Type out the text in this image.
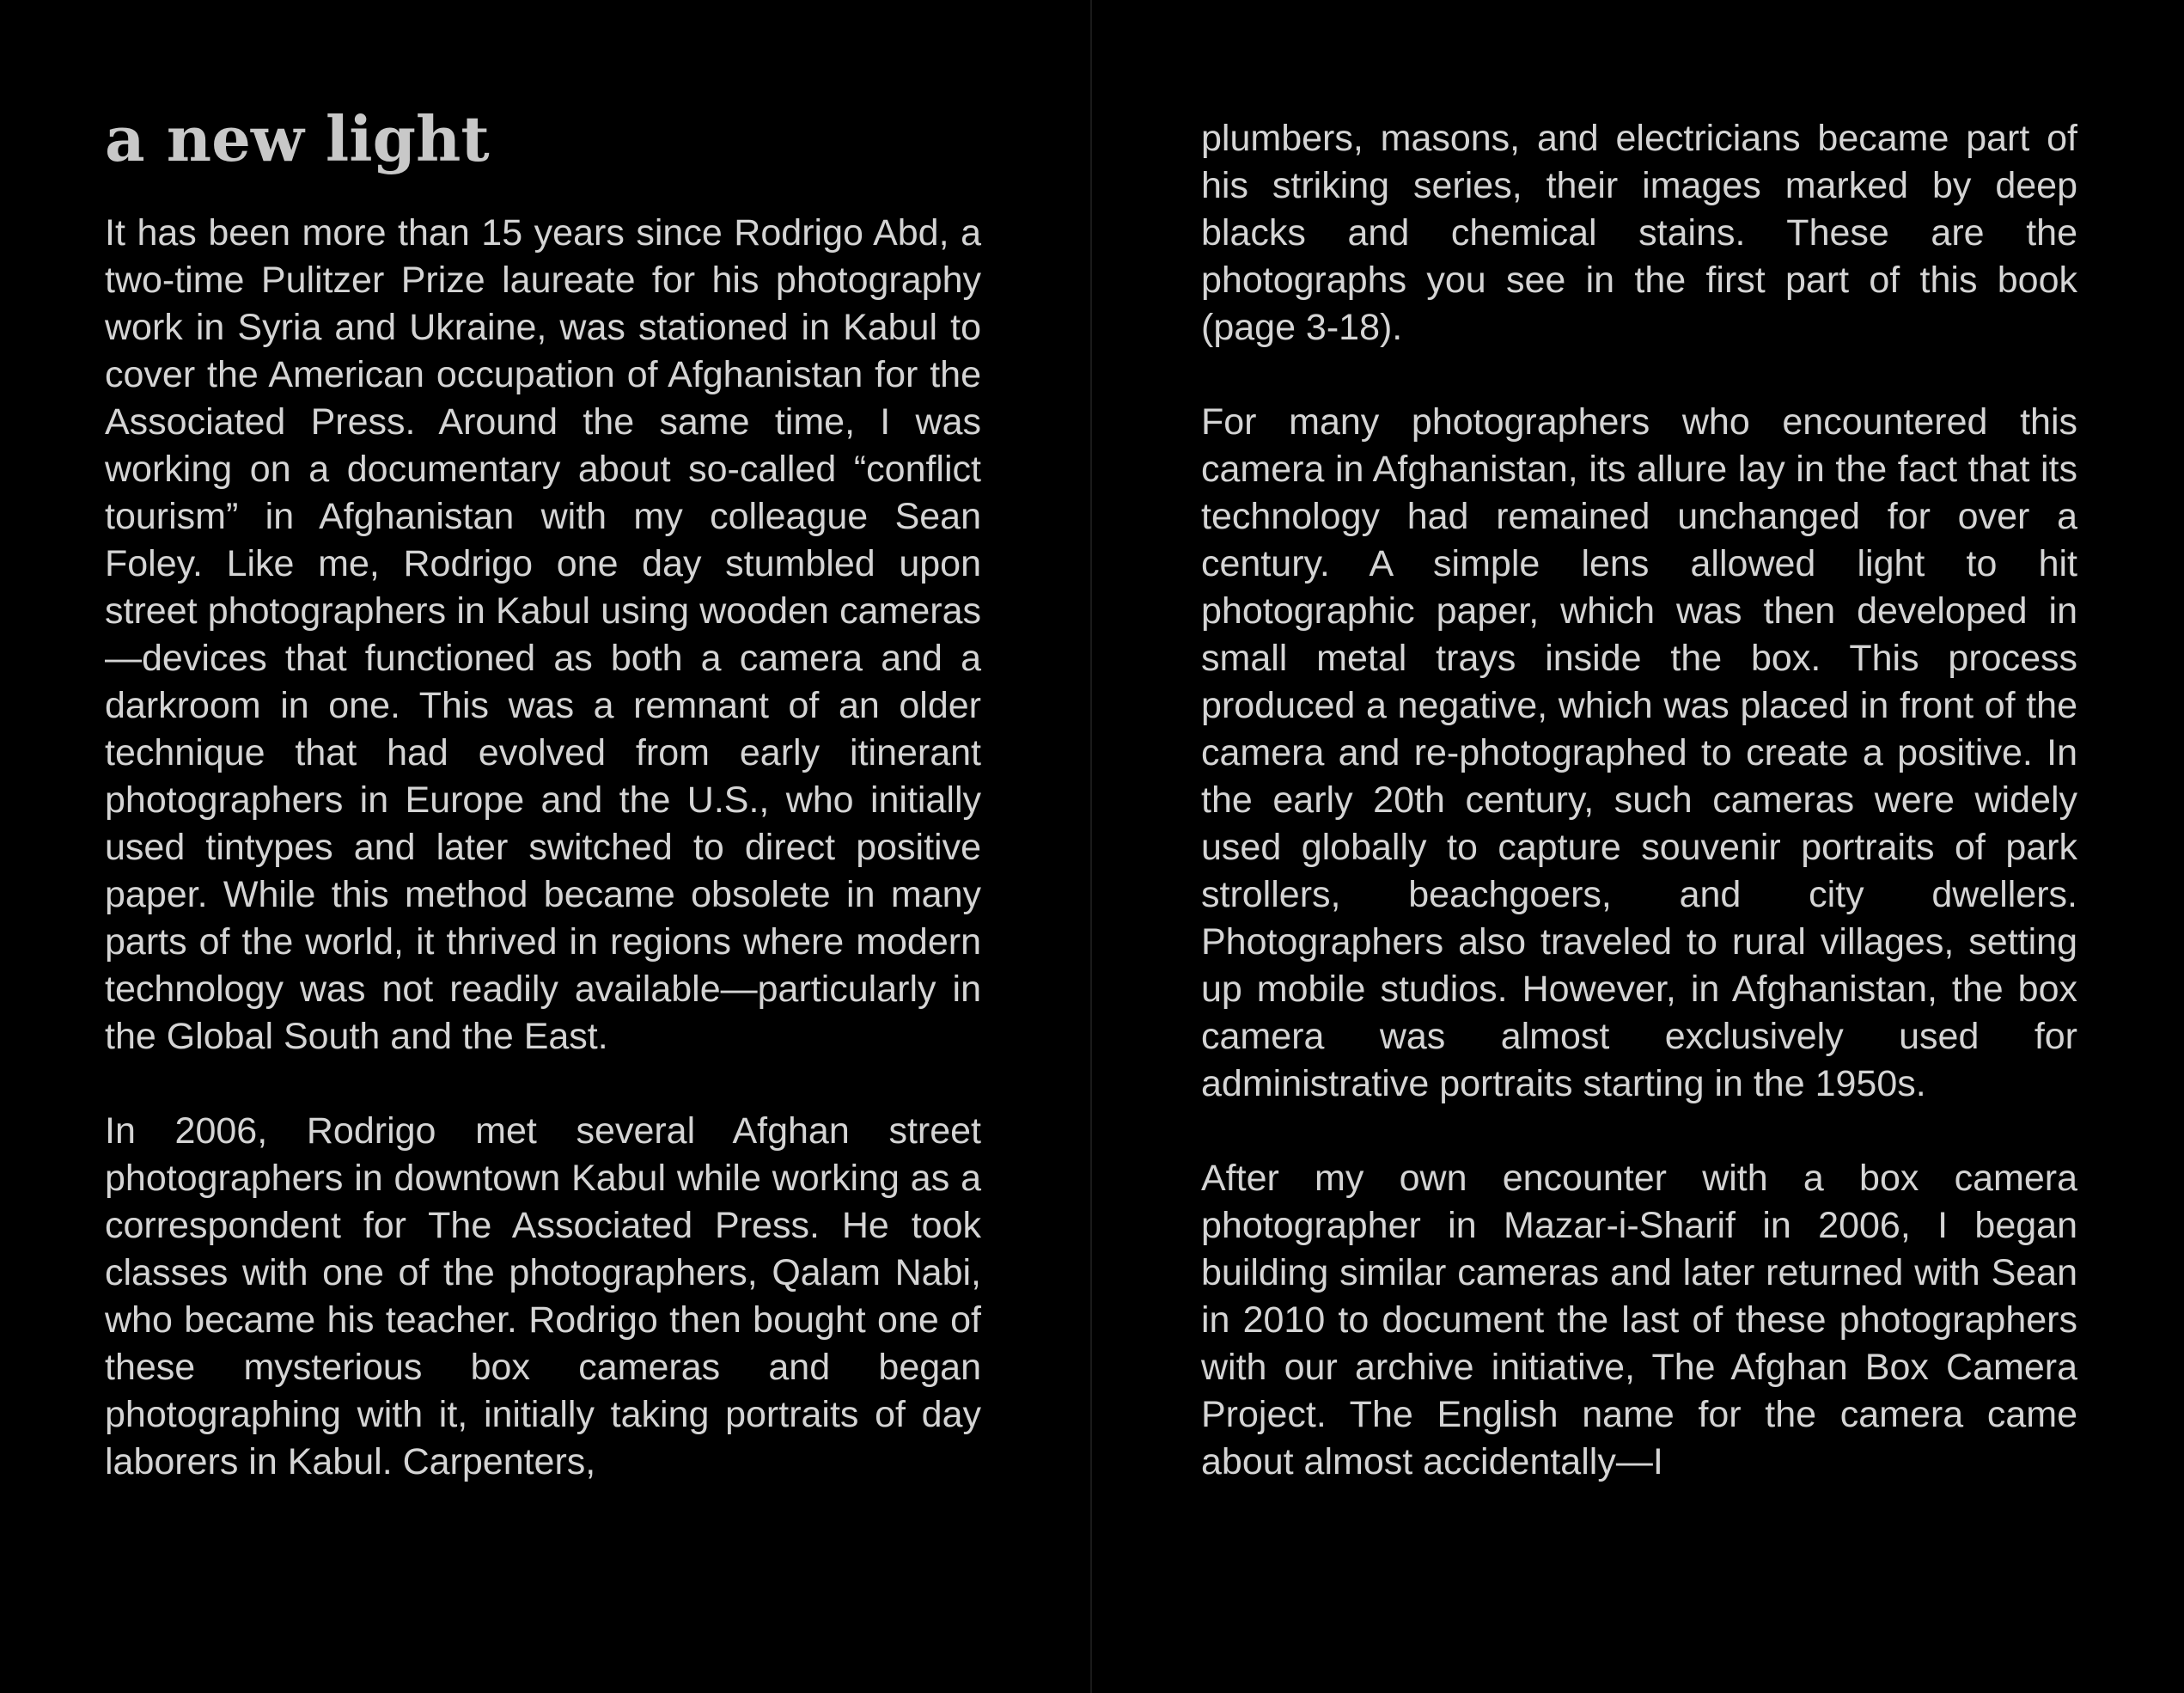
a new light

It has been more than 15 years since Rodrigo Abd, a two-time Pulitzer Prize laureate for his photography work in Syria and Ukraine, was stationed in Kabul to cover the American occupation of Afghanistan for the Associated Press. Around the same time, I was working on a documentary about so-called “conflict tourism” in Afghanistan with my colleague Sean Foley. Like me, Rodrigo one day stumbled upon street photographers in Kabul using wooden cameras—devices that functioned as both a camera and a darkroom in one. This was a remnant of an older technique that had evolved from early itinerant photographers in Europe and the U.S., who initially used tintypes and later switched to direct positive paper. While this method became obsolete in many parts of the world, it thrived in regions where modern technology was not readily available—particularly in the Global South and the East.

In 2006, Rodrigo met several Afghan street photographers in downtown Kabul while working as a correspondent for The Associated Press. He took classes with one of the photographers, Qalam Nabi, who became his teacher. Rodrigo then bought one of these mysterious box cameras and began photographing with it, initially taking portraits of day laborers in Kabul. Carpenters,

plumbers, masons, and electricians became part of his striking series, their images marked by deep blacks and chemical stains. These are the photographs you see in the first part of this book (page 3-18).

For many photographers who encountered this camera in Afghanistan, its allure lay in the fact that its technology had remained unchanged for over a century. A simple lens allowed light to hit photographic paper, which was then developed in small metal trays inside the box. This process produced a negative, which was placed in front of the camera and re-photographed to create a positive. In the early 20th century, such cameras were widely used globally to capture souvenir portraits of park strollers, beachgoers, and city dwellers. Photographers also traveled to rural villages, setting up mobile studios. However, in Afghanistan, the box camera was almost exclusively used for administrative portraits starting in the 1950s.

After my own encounter with a box camera photographer in Mazar-i-Sharif in 2006, I began building similar cameras and later returned with Sean in 2010 to document the last of these photographers with our archive initiative, The Afghan Box Camera Project. The English name for the camera came about almost accidentally—I
